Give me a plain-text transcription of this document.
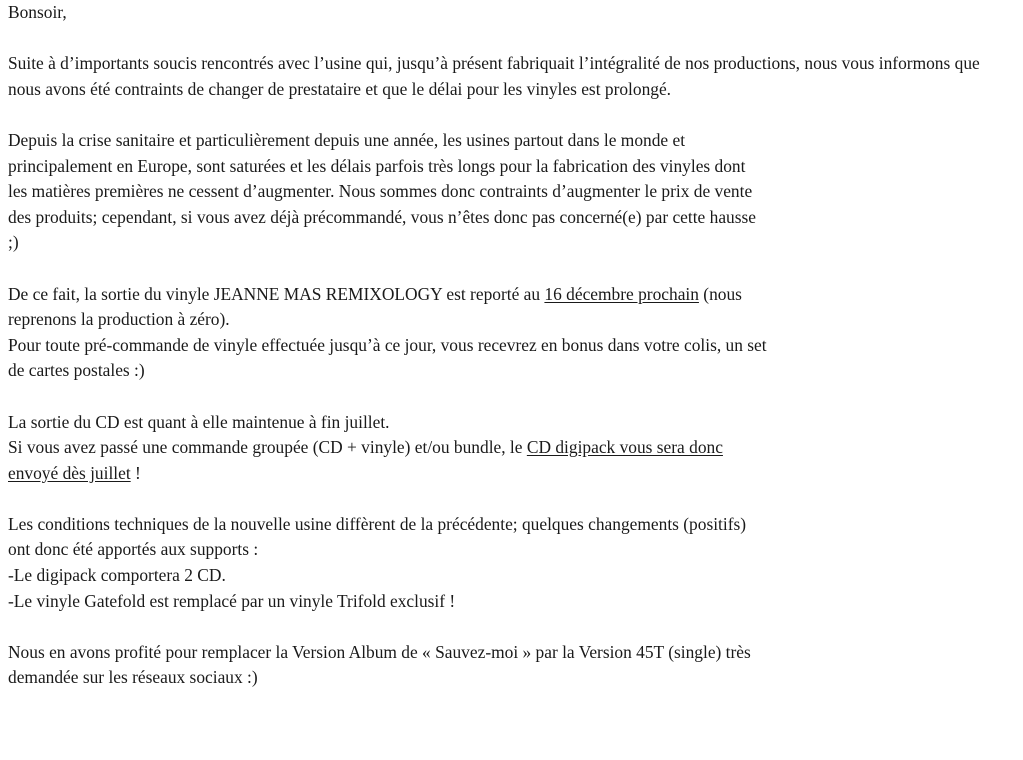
Bonsoir,

Suite à d’importants soucis rencontrés avec l’usine qui, jusqu’à présent fabriquait l’intégralité de nos productions, nous vous informons que nous avons été contraints de changer de prestataire et que le délai pour les vinyles est prolongé.

Depuis la crise sanitaire et particulièrement depuis une année, les usines partout dans le monde et

principalement en Europe, sont saturées et les délais parfois très longs pour la fabrication des vinyles dont

les matières premières ne cessent d’augmenter. Nous sommes donc contraints d’augmenter le prix de vente

des produits; cependant, si vous avez déjà précommandé, vous n’êtes donc pas concerné(e) par cette hausse

;)

De ce fait, la sortie du vinyle JEANNE MAS REMIXOLOGY est reporté au 16 décembre prochain (nous

reprenons la production à zéro).

Pour toute pré-commande de vinyle effectuée jusqu’à ce jour, vous recevrez en bonus dans votre colis, un set

de cartes postales :)

La sortie du CD est quant à elle maintenue à fin juillet.

Si vous avez passé une commande groupée (CD + vinyle) et/ou bundle, le CD digipack vous sera donc

envoyé dès juillet !

Les conditions techniques de la nouvelle usine diffèrent de la précédente; quelques changements (positifs)

ont donc été apportés aux supports :

-Le digipack comportera 2 CD.

-Le vinyle Gatefold est remplacé par un vinyle Trifold exclusif !

Nous en avons profité pour remplacer la Version Album de « Sauvez-moi » par la Version 45T (single) très

demandée sur les réseaux sociaux :)
